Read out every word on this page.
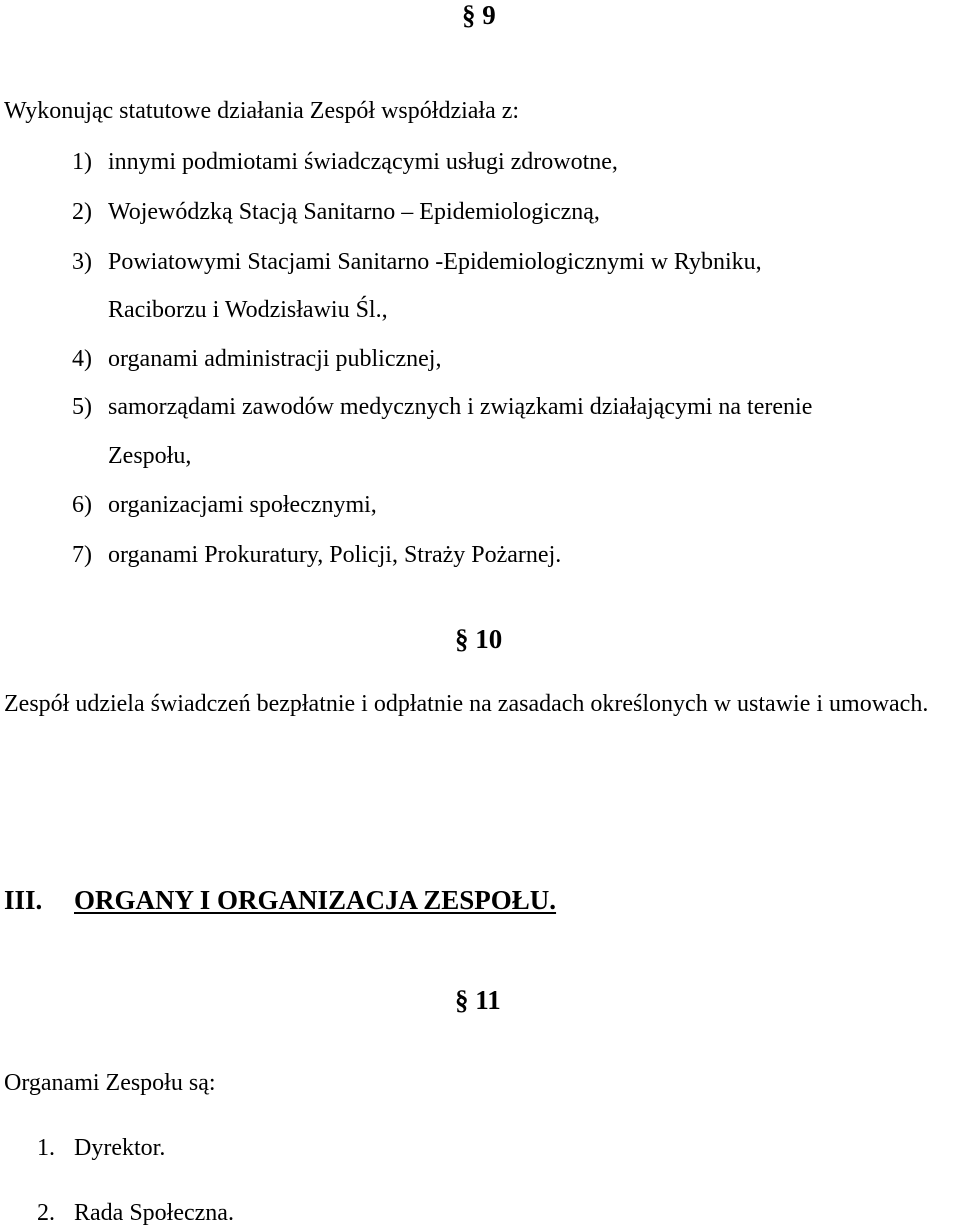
§ 9
Wykonując statutowe działania Zespół współdziała z:
1) innymi podmiotami świadczącymi usługi zdrowotne,
2) Wojewódzką Stacją Sanitarno – Epidemiologiczną,
3) Powiatowymi Stacjami Sanitarno -Epidemiologicznymi w Rybniku,
Raciborzu i Wodzisławiu Śl.,
4) organami administracji publicznej,
5) samorządami zawodów medycznych i związkami działającymi na terenie
Zespołu,
6) organizacjami społecznymi,
7) organami Prokuratury, Policji, Straży Pożarnej.
§ 10
Zespół udziela świadczeń bezpłatnie i odpłatnie na zasadach określonych w ustawie i umowach.
III. ORGANY I ORGANIZACJA ZESPOŁU.
§ 11
Organami Zespołu są:
1. Dyrektor.
2. Rada Społeczna.
